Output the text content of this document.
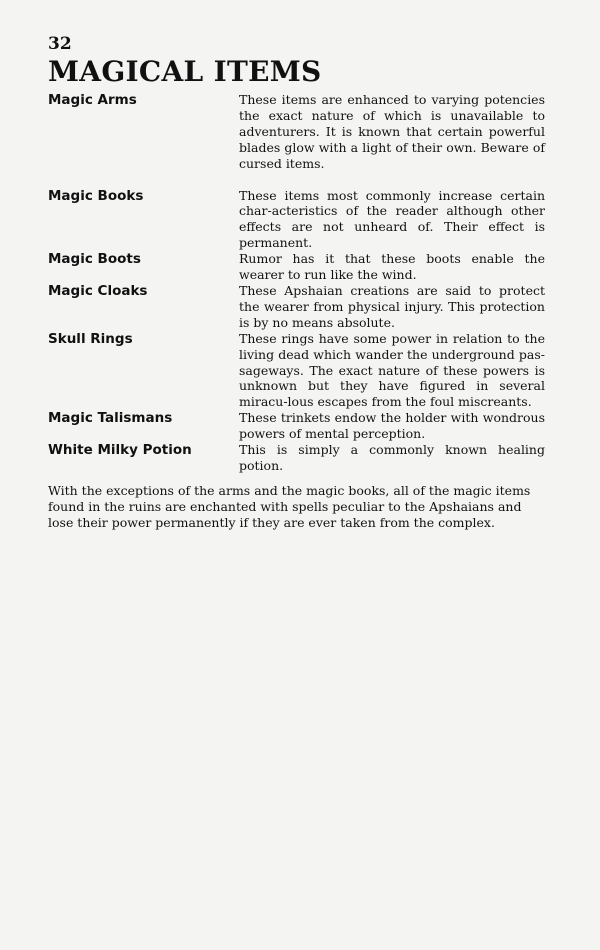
32
MAGICAL ITEMS
Magic Arms	These items are enhanced to varying potencies the exact nature of which is unavailable to adventurers. It is known that certain powerful blades glow with a light of their own. Beware of cursed items.
Magic Books	These items most commonly increase certain char-acteristics of the reader although other effects are not unheard of. Their effect is permanent.
Magic Boots	Rumor has it that these boots enable the wearer to run like the wind.
Magic Cloaks	These Apshaian creations are said to protect the wearer from physical injury. This protection is by no means absolute.
Skull Rings	These rings have some power in relation to the living dead which wander the underground pas-sageways. The exact nature of these powers is unknown but they have figured in several miracu-lous escapes from the foul miscreants.
Magic Talismans	These trinkets endow the holder with wondrous powers of mental perception.
White Milky Potion	This is simply a commonly known healing potion.
With the exceptions of the arms and the magic books, all of the magic items found in the ruins are enchanted with spells peculiar to the Apshaians and lose their power permanently if they are ever taken from the complex.
